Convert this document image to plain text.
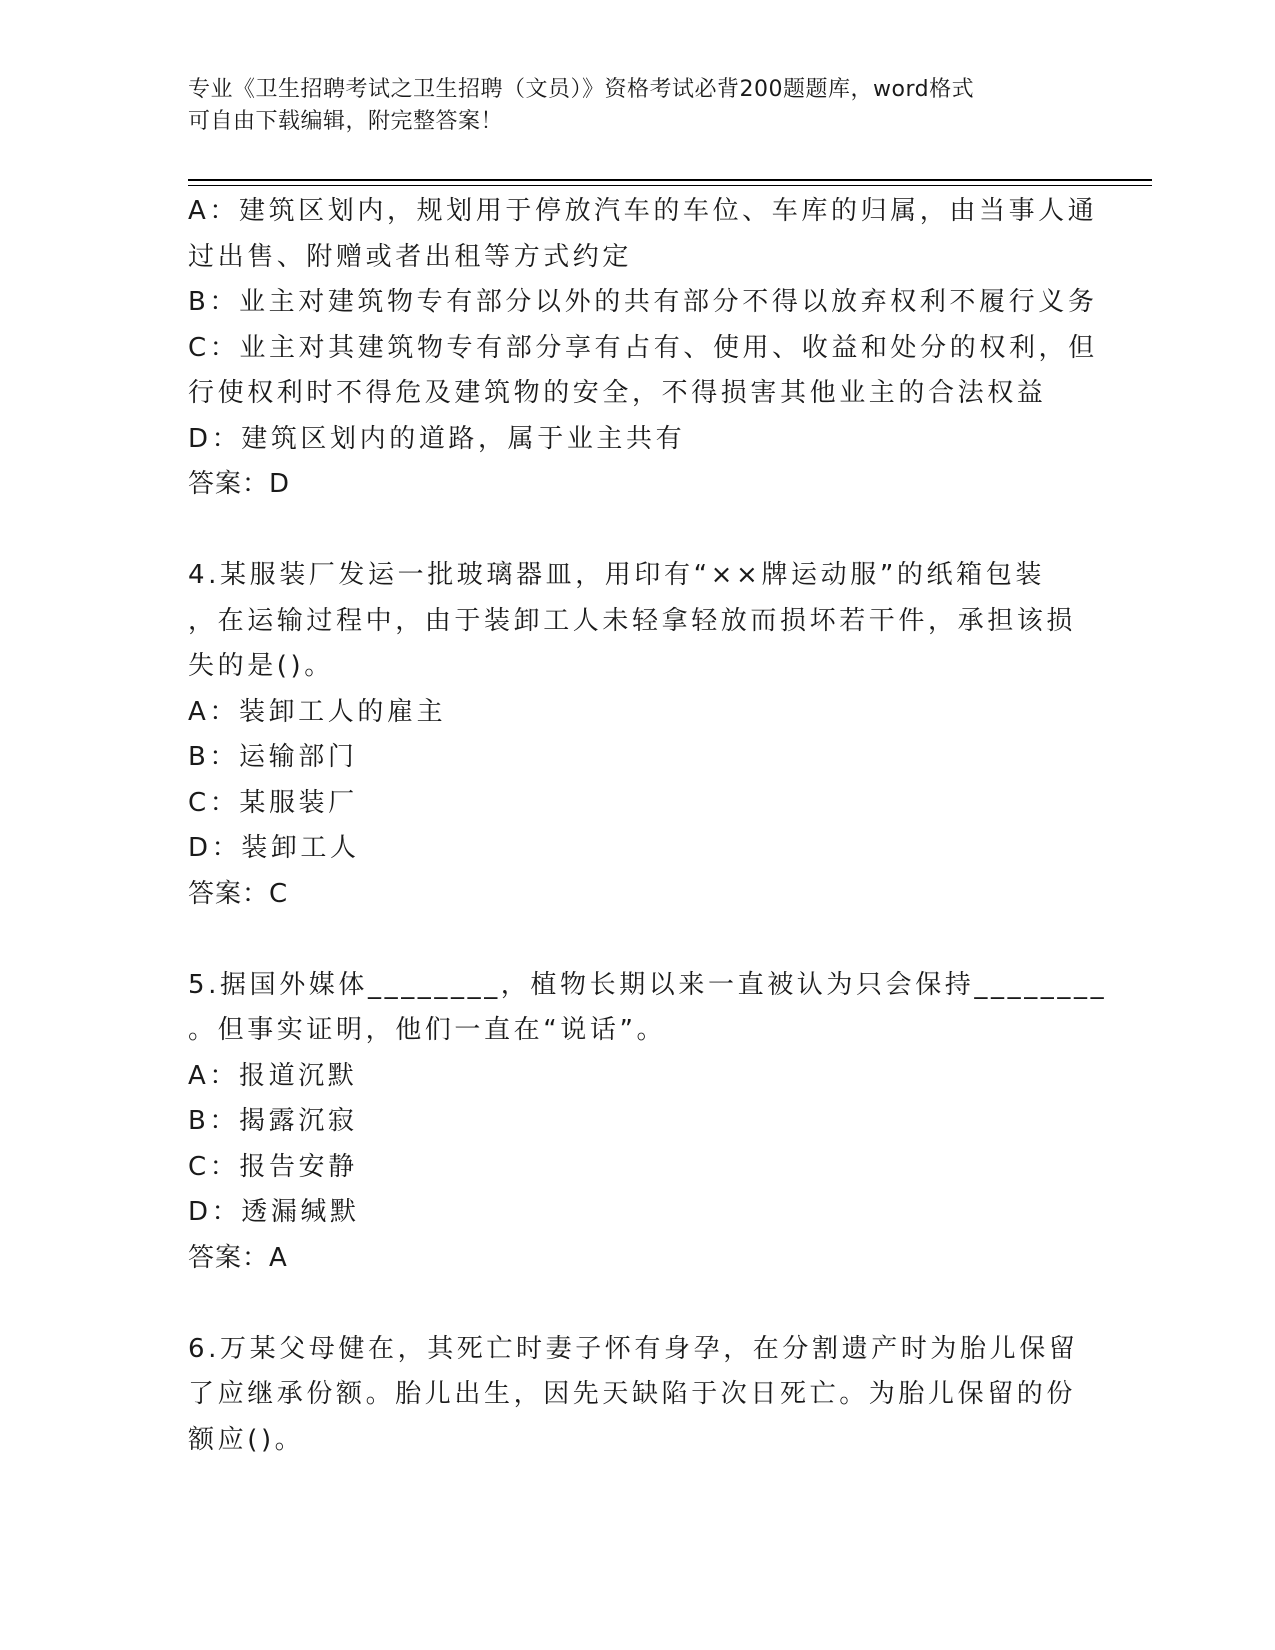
专业《卫生招聘考试之卫生招聘（文员）》资格考试必背200题题库，word格式
可自由下载编辑，附完整答案！
A：建筑区划内，规划用于停放汽车的车位、车库的归属，由当事人通
过出售、附赠或者出租等方式约定
B：业主对建筑物专有部分以外的共有部分不得以放弃权利不履行义务
C：业主对其建筑物专有部分享有占有、使用、收益和处分的权利，但
行使权利时不得危及建筑物的安全，不得损害其他业主的合法权益
D：建筑区划内的道路，属于业主共有
答案：D
4.某服装厂发运一批玻璃器皿，用印有“××牌运动服”的纸箱包装
，在运输过程中，由于装卸工人未轻拿轻放而损坏若干件，承担该损
失的是()。
A：装卸工人的雇主
B：运输部门
C：某服装厂
D：装卸工人
答案：C
5.据国外媒体________，植物长期以来一直被认为只会保持________
。但事实证明，他们一直在“说话”。
A：报道沉默
B：揭露沉寂
C：报告安静
D：透漏缄默
答案：A
6.万某父母健在，其死亡时妻子怀有身孕，在分割遗产时为胎儿保留
了应继承份额。胎儿出生，因先天缺陷于次日死亡。为胎儿保留的份
额应()。
